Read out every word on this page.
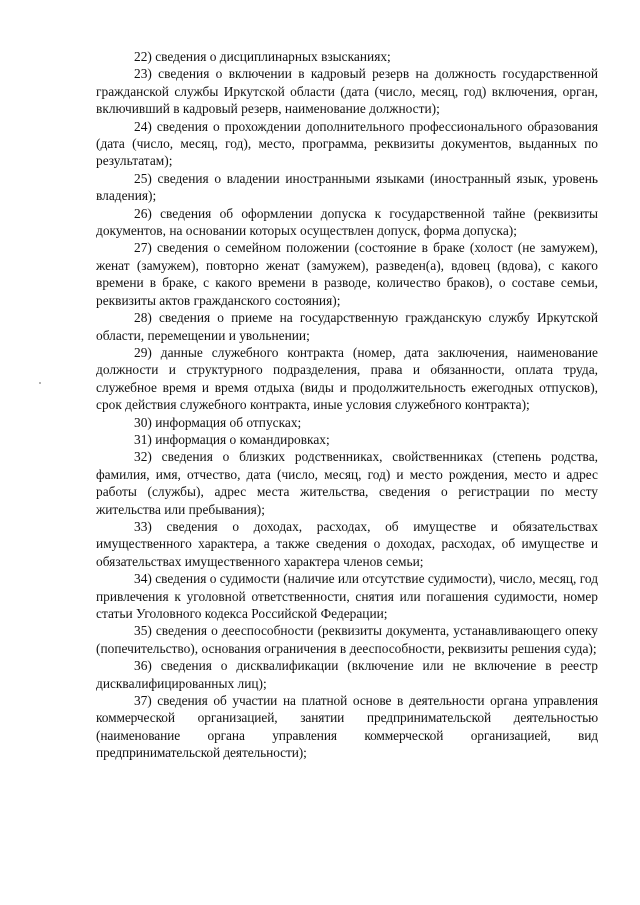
22) сведения о дисциплинарных взысканиях;

23) сведения о включении в кадровый резерв на должность государственной гражданской службы Иркутской области (дата (число, месяц, год) включения, орган, включивший в кадровый резерв, наименование должности);

24) сведения о прохождении дополнительного профессионального образования (дата (число, месяц, год), место, программа, реквизиты документов, выданных по результатам);

25) сведения о владении иностранными языками (иностранный язык, уровень владения);

26) сведения об оформлении допуска к государственной тайне (реквизиты документов, на основании которых осуществлен допуск, форма допуска);

27) сведения о семейном положении (состояние в браке (холост (не замужем), женат (замужем), повторно женат (замужем), разведен(а), вдовец (вдова), с какого времени в браке, с какого времени в разводе, количество браков), о составе семьи, реквизиты актов гражданского состояния);

28) сведения о приеме на государственную гражданскую службу Иркутской области, перемещении и увольнении;

29) данные служебного контракта (номер, дата заключения, наименование должности и структурного подразделения, права и обязанности, оплата труда, служебное время и время отдыха (виды и продолжительность ежегодных отпусков), срок действия служебного контракта, иные условия служебного контракта);

30) информация об отпусках;

31) информация о командировках;

32) сведения о близких родственниках, свойственниках (степень родства, фамилия, имя, отчество, дата (число, месяц, год) и место рождения, место и адрес работы (службы), адрес места жительства, сведения о регистрации по месту жительства или пребывания);

33) сведения о доходах, расходах, об имуществе и обязательствах имущественного характера, а также сведения о доходах, расходах, об имуществе и обязательствах имущественного характера членов семьи;

34) сведения о судимости (наличие или отсутствие судимости), число, месяц, год привлечения к уголовной ответственности, снятия или погашения судимости, номер статьи Уголовного кодекса Российской Федерации;

35) сведения о дееспособности (реквизиты документа, устанавливающего опеку (попечительство), основания ограничения в дееспособности, реквизиты решения суда);

36) сведения о дисквалификации (включение или не включение в реестр дисквалифицированных лиц);

37) сведения об участии на платной основе в деятельности органа управления коммерческой организацией, занятии предпринимательской деятельностью (наименование органа управления коммерческой организацией, вид предпринимательской деятельности);
